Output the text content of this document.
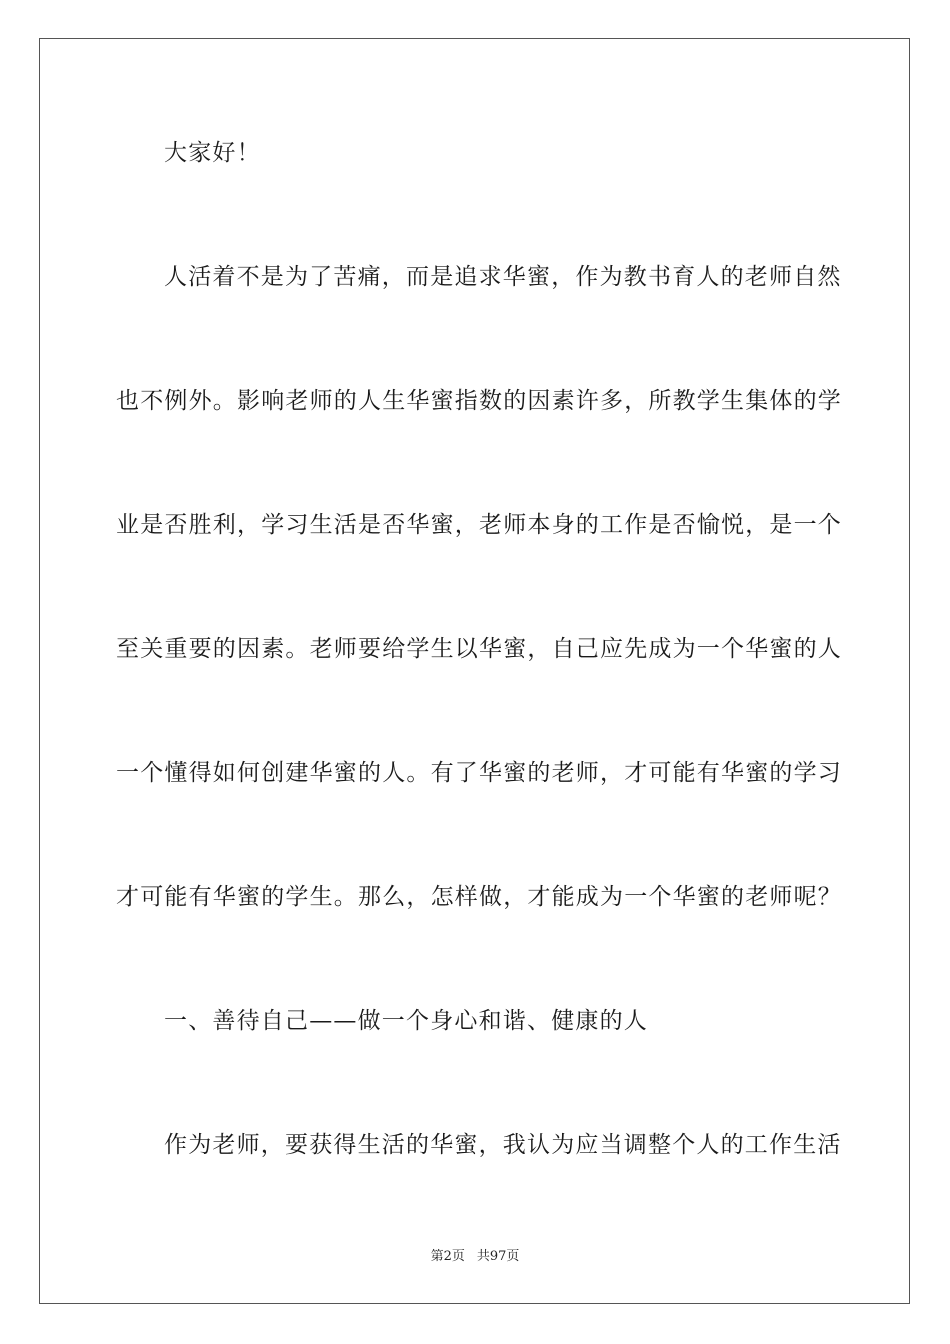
大家好！
人活着不是为了苦痛，而是追求华蜜，作为教书育人的老师自然
也不例外。影响老师的人生华蜜指数的因素许多，所教学生集体的学
业是否胜利，学习生活是否华蜜，老师本身的工作是否愉悦，是一个
至关重要的因素。老师要给学生以华蜜，自己应先成为一个华蜜的人
一个懂得如何创建华蜜的人。有了华蜜的老师，才可能有华蜜的学习
才可能有华蜜的学生。那么，怎样做，才能成为一个华蜜的老师呢？
一、善待自己——做一个身心和谐、健康的人
作为老师，要获得生活的华蜜，我认为应当调整个人的工作生活
第2页 共97页
